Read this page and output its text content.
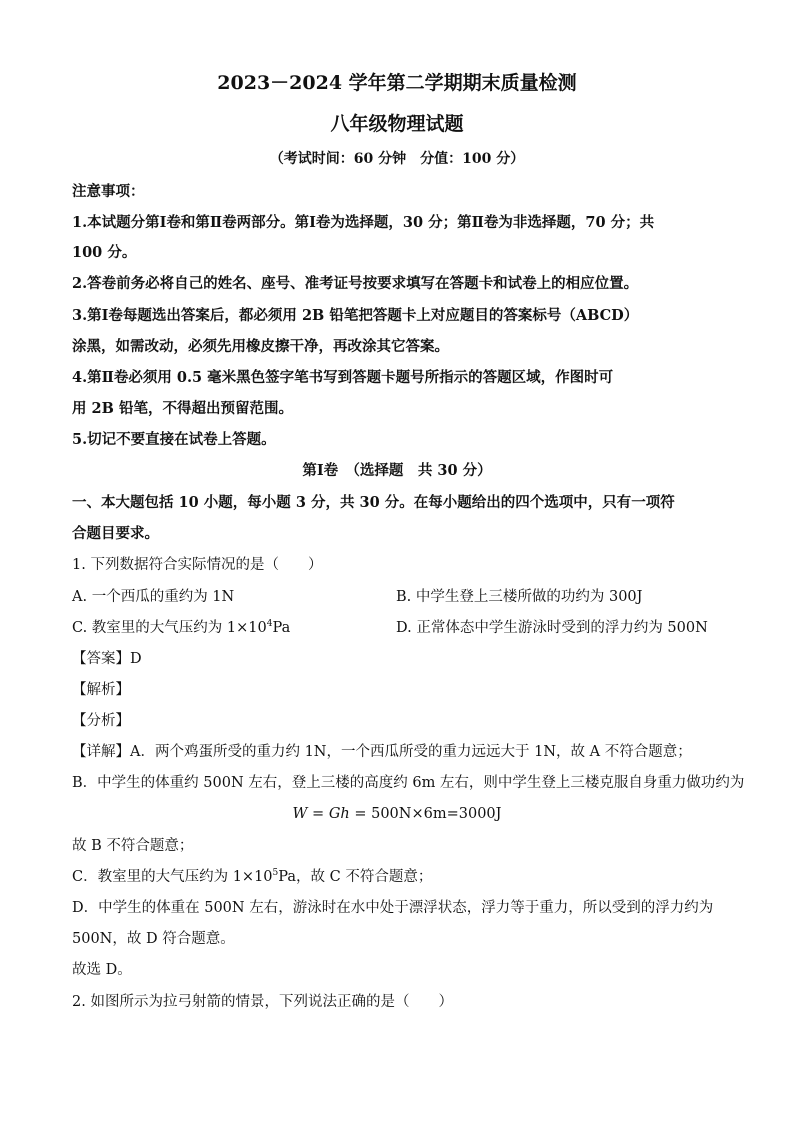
2023－2024 学年第二学期期末质量检测
八年级物理试题
（考试时间：60 分钟　分值：100 分）
注意事项：
1.本试题分第Ⅰ卷和第Ⅱ卷两部分。第Ⅰ卷为选择题，30 分；第Ⅱ卷为非选择题，70 分；共
100 分。
2.答卷前务必将自己的姓名、座号、准考证号按要求填写在答题卡和试卷上的相应位置。
3.第Ⅰ卷每题选出答案后，都必须用 2B 铅笔把答题卡上对应题目的答案标号（ABCD）
涂黑，如需改动，必须先用橡皮擦干净，再改涂其它答案。
4.第Ⅱ卷必须用 0.5 毫米黑色签字笔书写到答题卡题号所指示的答题区域，作图时可
用 2B 铅笔，不得超出预留范围。
5.切记不要直接在试卷上答题。
第Ⅰ卷　（选择题　共 30 分）
一、本大题包括 10 小题，每小题 3 分，共 30 分。在每小题给出的四个选项中，只有一项符
合题目要求。
1. 下列数据符合实际情况的是（　　）
A. 一个西瓜的重约为 1N	B. 中学生登上三楼所做的功约为 300J
C. 教室里的大气压约为 $1\times 10^4Pa$	D. 正常体态中学生游泳时受到的浮力约为 500N
【答案】D
【解析】
【分析】
【详解】A．两个鸡蛋所受的重力约 1N，一个西瓜所受的重力远远大于 1N，故 A 不符合题意；
B．中学生的体重约 500N 左右，登上三楼的高度约 6m 左右，则中学生登上三楼克服自身重力做功约为
W = Gh = 500N×6m=3000J
故 B 不符合题意；
C．教室里的大气压约为 $1\times 10^5Pa$，故 C 不符合题意；
D．中学生的体重在 500N 左右，游泳时在水中处于漂浮状态，浮力等于重力，所以受到的浮力约为
500N，故 D 符合题意。
故选 D。
2. 如图所示为拉弓射箭的情景，下列说法正确的是（　　）
